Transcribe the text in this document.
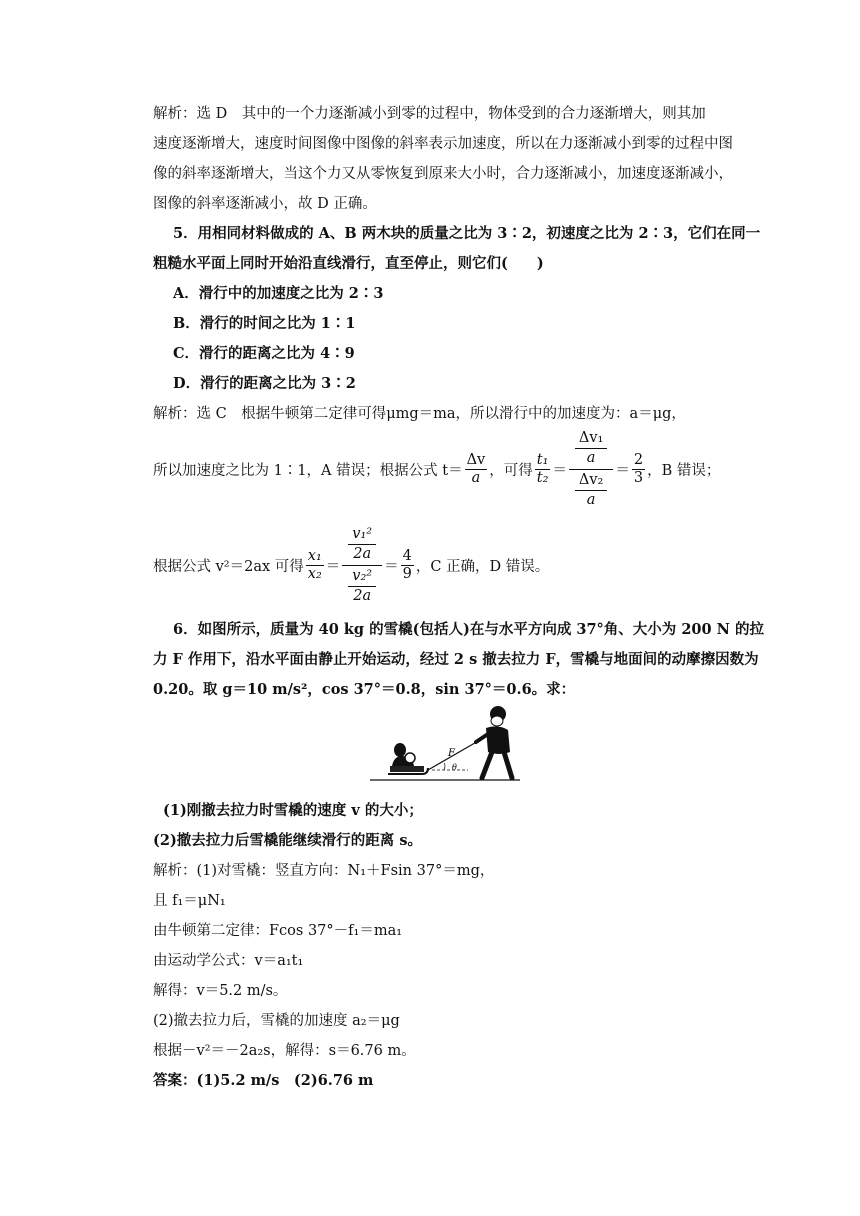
解析：选 D　其中的一个力逐渐减小到零的过程中，物体受到的合力逐渐增大，则其加
速度逐渐增大，速度时间图像中图像的斜率表示加速度，所以在力逐渐减小到零的过程中图
像的斜率逐渐增大，当这个力又从零恢复到原来大小时，合力逐渐减小，加速度逐渐减小，
图像的斜率逐渐减小，故 D 正确。
5．用相同材料做成的 A、B 两木块的质量之比为 3∶2，初速度之比为 2∶3，它们在同一
粗糙水平面上同时开始沿直线滑行，直至停止，则它们(　　)
A．滑行中的加速度之比为 2∶3
B．滑行的时间之比为 1∶1
C．滑行的距离之比为 4∶9
D．滑行的距离之比为 3∶2
解析：选 C　根据牛顿第二定律可得μmg＝ma，所以滑行中的加速度为：a＝μg，
所以加速度之比为 1∶1，A 错误；根据公式 $t= \frac{\Delta v}{a}$ ，可得 $\frac{\text{t₁}}{\text{t₂}} = \frac{\frac{\text{Δv₁}}{a}}{\frac{\text{Δv₂}}{a}} = \frac{2}{3}$ ，B 错误；
根据公式 v²＝2ax 可得 $\frac{\text{x₁}}{\text{x₂}} = \frac{\frac{\text{v₁²}}{2a}}{\frac{\text{v₂²}}{2a}} = \frac{4}{9}$ ，C 正确，D 错误。
6．如图所示，质量为 40 kg 的雪橇(包括人)在与水平方向成 37°角、大小为 200 N 的拉
力 F 作用下，沿水平面由静止开始运动，经过 2 s 撤去拉力 F，雪橇与地面间的动摩擦因数为
0.20。取 g＝10 m/s²，cos 37°＝0.8，sin 37°＝0.6。求：
F
θ
(1)刚撤去拉力时雪橇的速度 v 的大小；
(2)撤去拉力后雪橇能继续滑行的距离 s。
解析：(1)对雪橇：竖直方向：N₁＋Fsin 37°＝mg，
且 f₁＝μN₁
由牛顿第二定律：Fcos 37°－f₁＝ma₁
由运动学公式：v＝a₁t₁
解得：v＝5.2 m/s。
(2)撤去拉力后，雪橇的加速度 a₂＝μg
根据－v²＝－2a₂s，解得：s＝6.76 m。
答案：(1)5.2 m/s　(2)6.76 m
